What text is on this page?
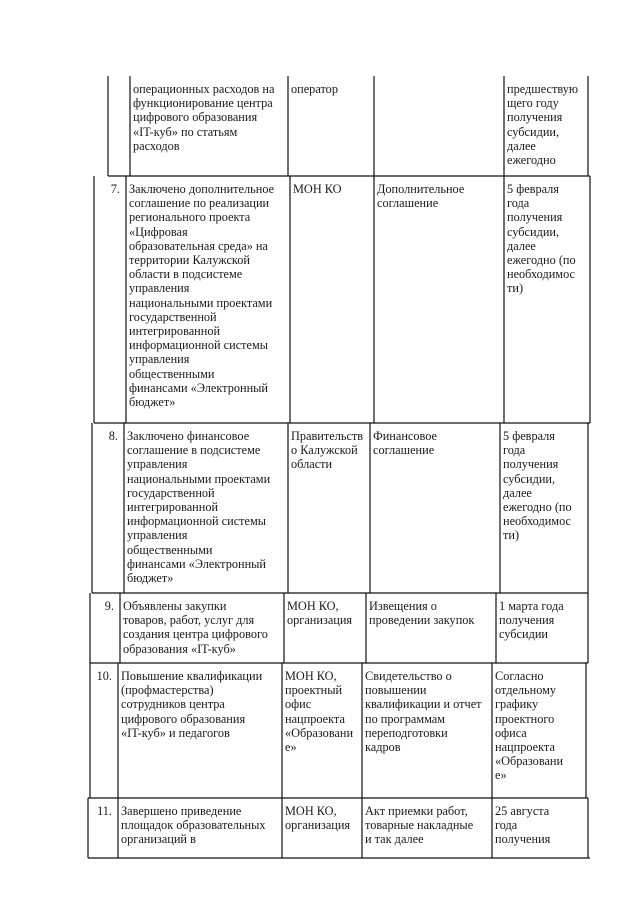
операционных расходов на
функционирование центра
цифрового образования
«IT-куб» по статьям
расходов
оператор	предшествую
щего году
получения
субсидии,
далее
ежегодно
7. Заключено дополнительное
соглашение по реализации
регионального проекта
«Цифровая
образовательная среда» на
территории Калужской
области в подсистеме
управления
национальными проектами
государственной
интегрированной
информационной системы
управления
общественными
финансами «Электронный
бюджет»
МОН КО	Дополнительное
соглашение
5 февраля
года
получения
субсидии,
далее
ежегодно (по
необходимос
ти)
8. Заключено финансовое
соглашение в подсистеме
управления
национальными проектами
государственной
интегрированной
информационной системы
управления
общественными
финансами «Электронный
бюджет»
Правительств
о Калужской
области
Финансовое
соглашение
5 февраля
года
получения
субсидии,
далее
ежегодно (по
необходимос
ти)
9. Объявлены закупки
товаров, работ, услуг для
создания центра цифрового
образования «IT-куб»
МОН КО,
организация
Извещения о
проведении закупок
1 марта года
получения
субсидии
10. Повышение квалификации
(профмастерства)
сотрудников центра
цифрового образования
«IT-куб» и педагогов
МОН КО,
проектный
офис
нацпроекта
«Образовани
е»
Свидетельство о
повышении
квалификации и отчет
по программам
переподготовки
кадров
Согласно
отдельному
графику
проектного
офиса
нацпроекта
«Образовани
е»
11. Завершено приведение
площадок образовательных
организаций в
МОН КО,
организация
Акт приемки работ,
товарные накладные
и так далее
25 августа
года
получения
